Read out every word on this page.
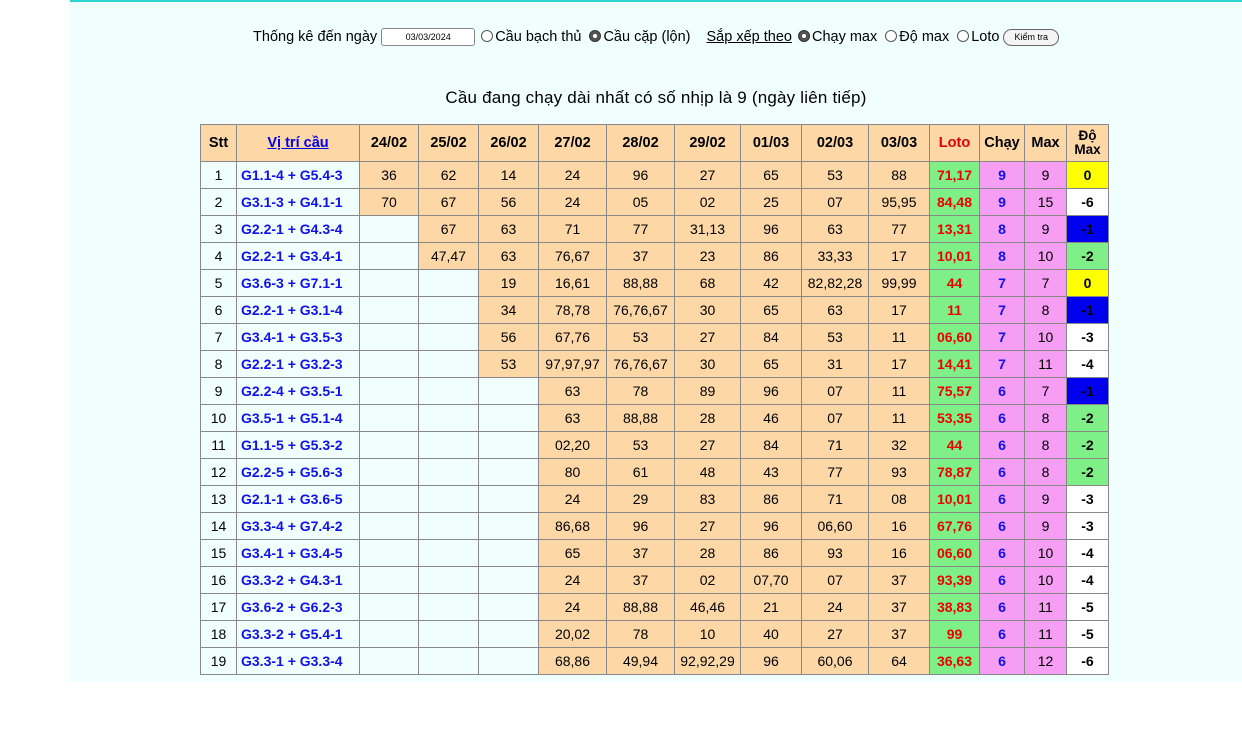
Thống kê đến ngày
03/03/2024	Cầu bạch thủ Cầu cặp (lộn) Sắp xếp theo Chạy max Độ max Loto	Kiểm tra
Cầu đang chạy dài nhất có số nhịp là 9 (ngày liên tiếp)
Stt	Vị trí cầu	24/02	25/02	26/02	27/02	28/02	29/02	01/03	02/03	03/03	Loto	Chạy	Max	Độ
Max
1	G1.1-4 + G5.4-3	36	62	14	24	96	27	65	53	88	71,17	9	9	0
2	G3.1-3 + G4.1-1	70	67	56	24	05	02	25	07	95,95	84,48	9	15	-6
3	G2.2-1 + G4.3-4		67	63	71	77	31,13	96	63	77	13,31	8	9	-1
4	G2.2-1 + G3.4-1		47,47	63	76,67	37	23	86	33,33	17	10,01	8	10	-2
5	G3.6-3 + G7.1-1			19	16,61	88,88	68	42	82,82,28	99,99	44	7	7	0
6	G2.2-1 + G3.1-4			34	78,78	76,76,67	30	65	63	17	11	7	8	-1
7	G3.4-1 + G3.5-3			56	67,76	53	27	84	53	11	06,60	7	10	-3
8	G2.2-1 + G3.2-3			53	97,97,97	76,76,67	30	65	31	17	14,41	7	11	-4
9	G2.2-4 + G3.5-1				63	78	89	96	07	11	75,57	6	7	-1
10	G3.5-1 + G5.1-4				63	88,88	28	46	07	11	53,35	6	8	-2
11	G1.1-5 + G5.3-2				02,20	53	27	84	71	32	44	6	8	-2
12	G2.2-5 + G5.6-3				80	61	48	43	77	93	78,87	6	8	-2
13	G2.1-1 + G3.6-5				24	29	83	86	71	08	10,01	6	9	-3
14	G3.3-4 + G7.4-2				86,68	96	27	96	06,60	16	67,76	6	9	-3
15	G3.4-1 + G3.4-5				65	37	28	86	93	16	06,60	6	10	-4
16	G3.3-2 + G4.3-1				24	37	02	07,70	07	37	93,39	6	10	-4
17	G3.6-2 + G6.2-3				24	88,88	46,46	21	24	37	38,83	6	11	-5
18	G3.3-2 + G5.4-1				20,02	78	10	40	27	37	99	6	11	-5
19	G3.3-1 + G3.3-4				68,86	49,94	92,92,29	96	60,06	64	36,63	6	12	-6
